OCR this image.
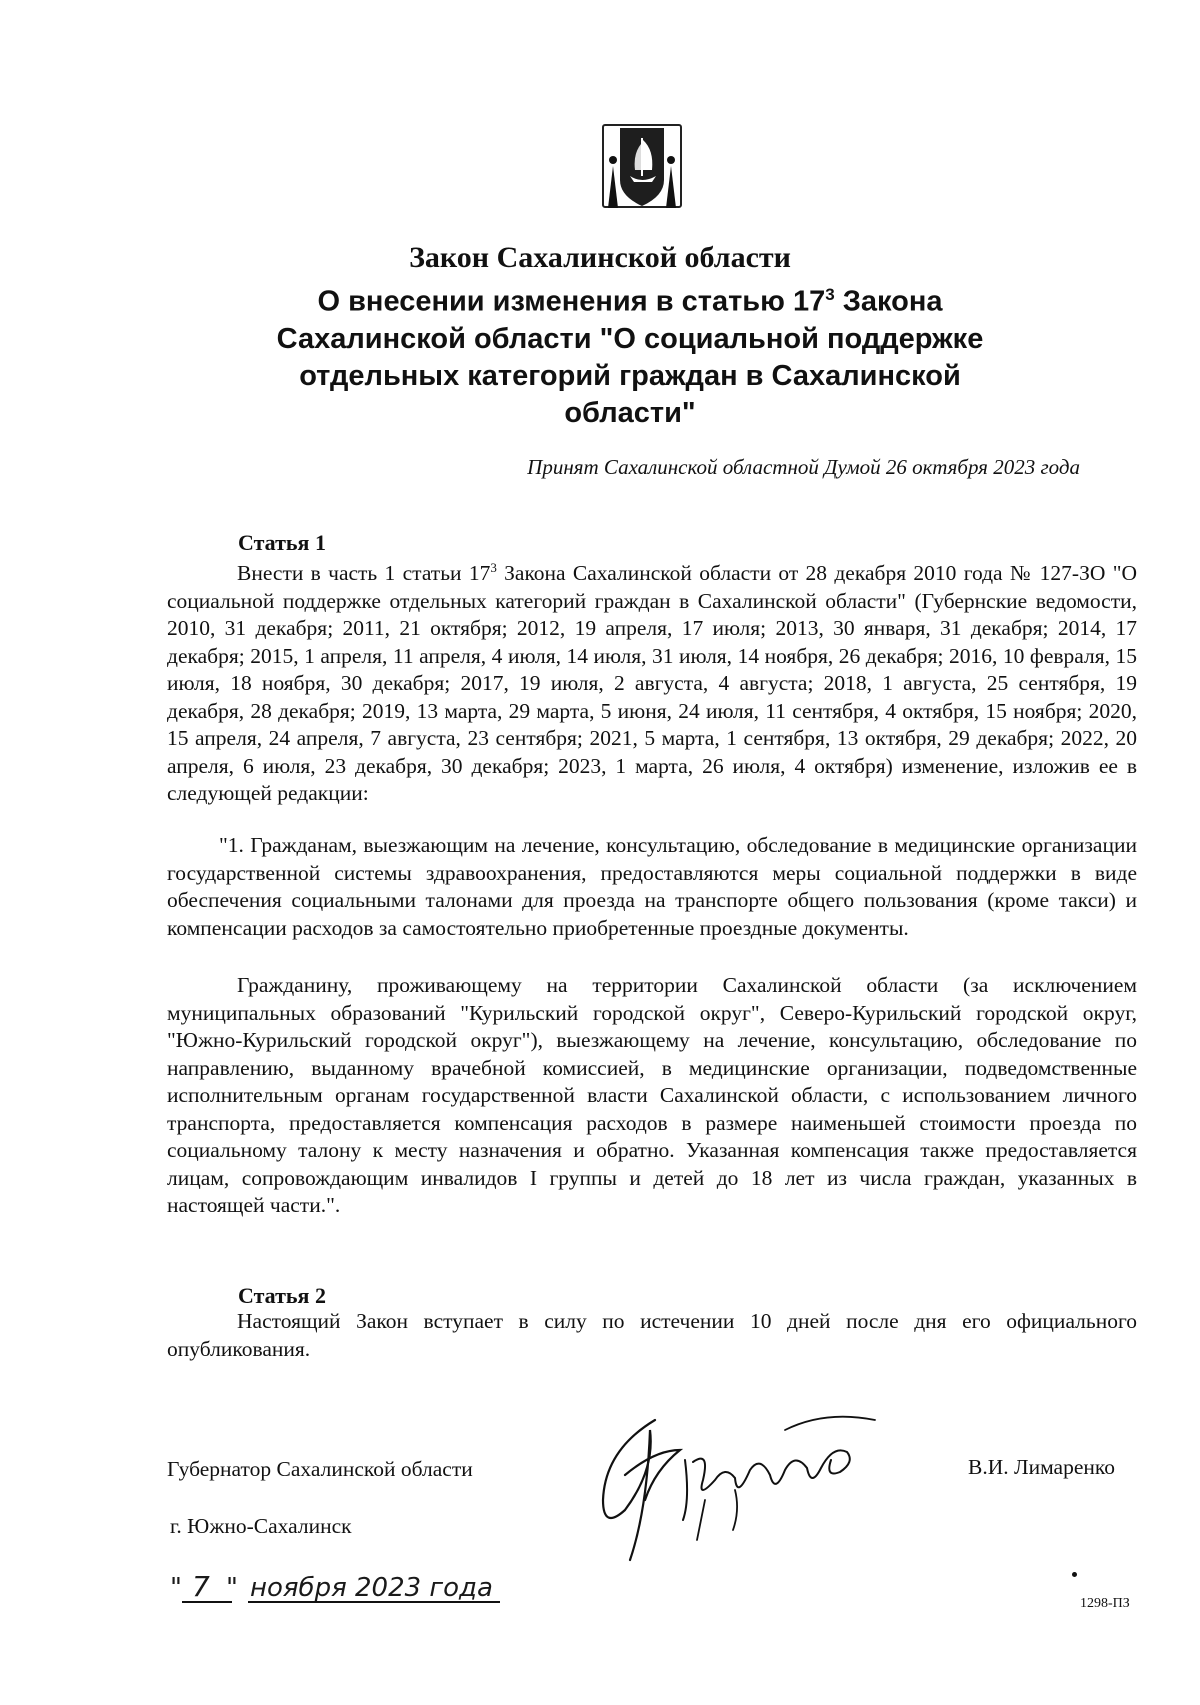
Закон Сахалинской области

О внесении изменения в статью $17^3$ Закона Сахалинской области "О социальной поддержке отдельных категорий граждан в Сахалинской области"

Принят Сахалинской областной Думой 26 октября 2023 года

Статья 1

Внести в часть 1 статьи $17^3$ Закона Сахалинской области от 28 декабря 2010 года № 127-ЗО "О социальной поддержке отдельных категорий граждан в Сахалинской области" (Губернские ведомости, 2010, 31 декабря; 2011, 21 октября; 2012, 19 апреля, 17 июля; 2013, 30 января, 31 декабря; 2014, 17 декабря; 2015, 1 апреля, 11 апреля, 4 июля, 14 июля, 31 июля, 14 ноября, 26 декабря; 2016, 10 февраля, 15 июля, 18 ноября, 30 декабря; 2017, 19 июля, 2 августа, 4 августа; 2018, 1 августа, 25 сентября, 19 декабря, 28 декабря; 2019, 13 марта, 29 марта, 5 июня, 24 июля, 11 сентября, 4 октября, 15 ноября; 2020, 15 апреля, 24 апреля, 7 августа, 23 сентября; 2021, 5 марта, 1 сентября, 13 октября, 29 декабря; 2022, 20 апреля, 6 июля, 23 декабря, 30 декабря; 2023, 1 марта, 26 июля, 4 октября) изменение, изложив ее в следующей редакции:

"1. Гражданам, выезжающим на лечение, консультацию, обследование в медицинские организации государственной системы здравоохранения, предоставляются меры социальной поддержки в виде обеспечения социальными талонами для проезда на транспорте общего пользования (кроме такси) и компенсации расходов за самостоятельно приобретенные проездные документы.

Гражданину, проживающему на территории Сахалинской области (за исключением муниципальных образований "Курильский городской округ", Северо-Курильский городской округ, "Южно-Курильский городской округ"), выезжающему на лечение, консультацию, обследование по направлению, выданному врачебной комиссией, в медицинские организации, подведомственные исполнительным органам государственной власти Сахалинской области, с использованием личного транспорта, предоставляется компенсация расходов в размере наименьшей стоимости проезда по социальному талону к месту назначения и обратно. Указанная компенсация также предоставляется лицам, сопровождающим инвалидов I группы и детей до 18 лет из числа граждан, указанных в настоящей части.".

Статья 2

Настоящий Закон вступает в силу по истечении 10 дней после дня его официального опубликования.

Губернатор Сахалинской области	В.И. Лимаренко

г. Южно-Сахалинск

" 7 " ноября 2023 года

1298-ПЗ
